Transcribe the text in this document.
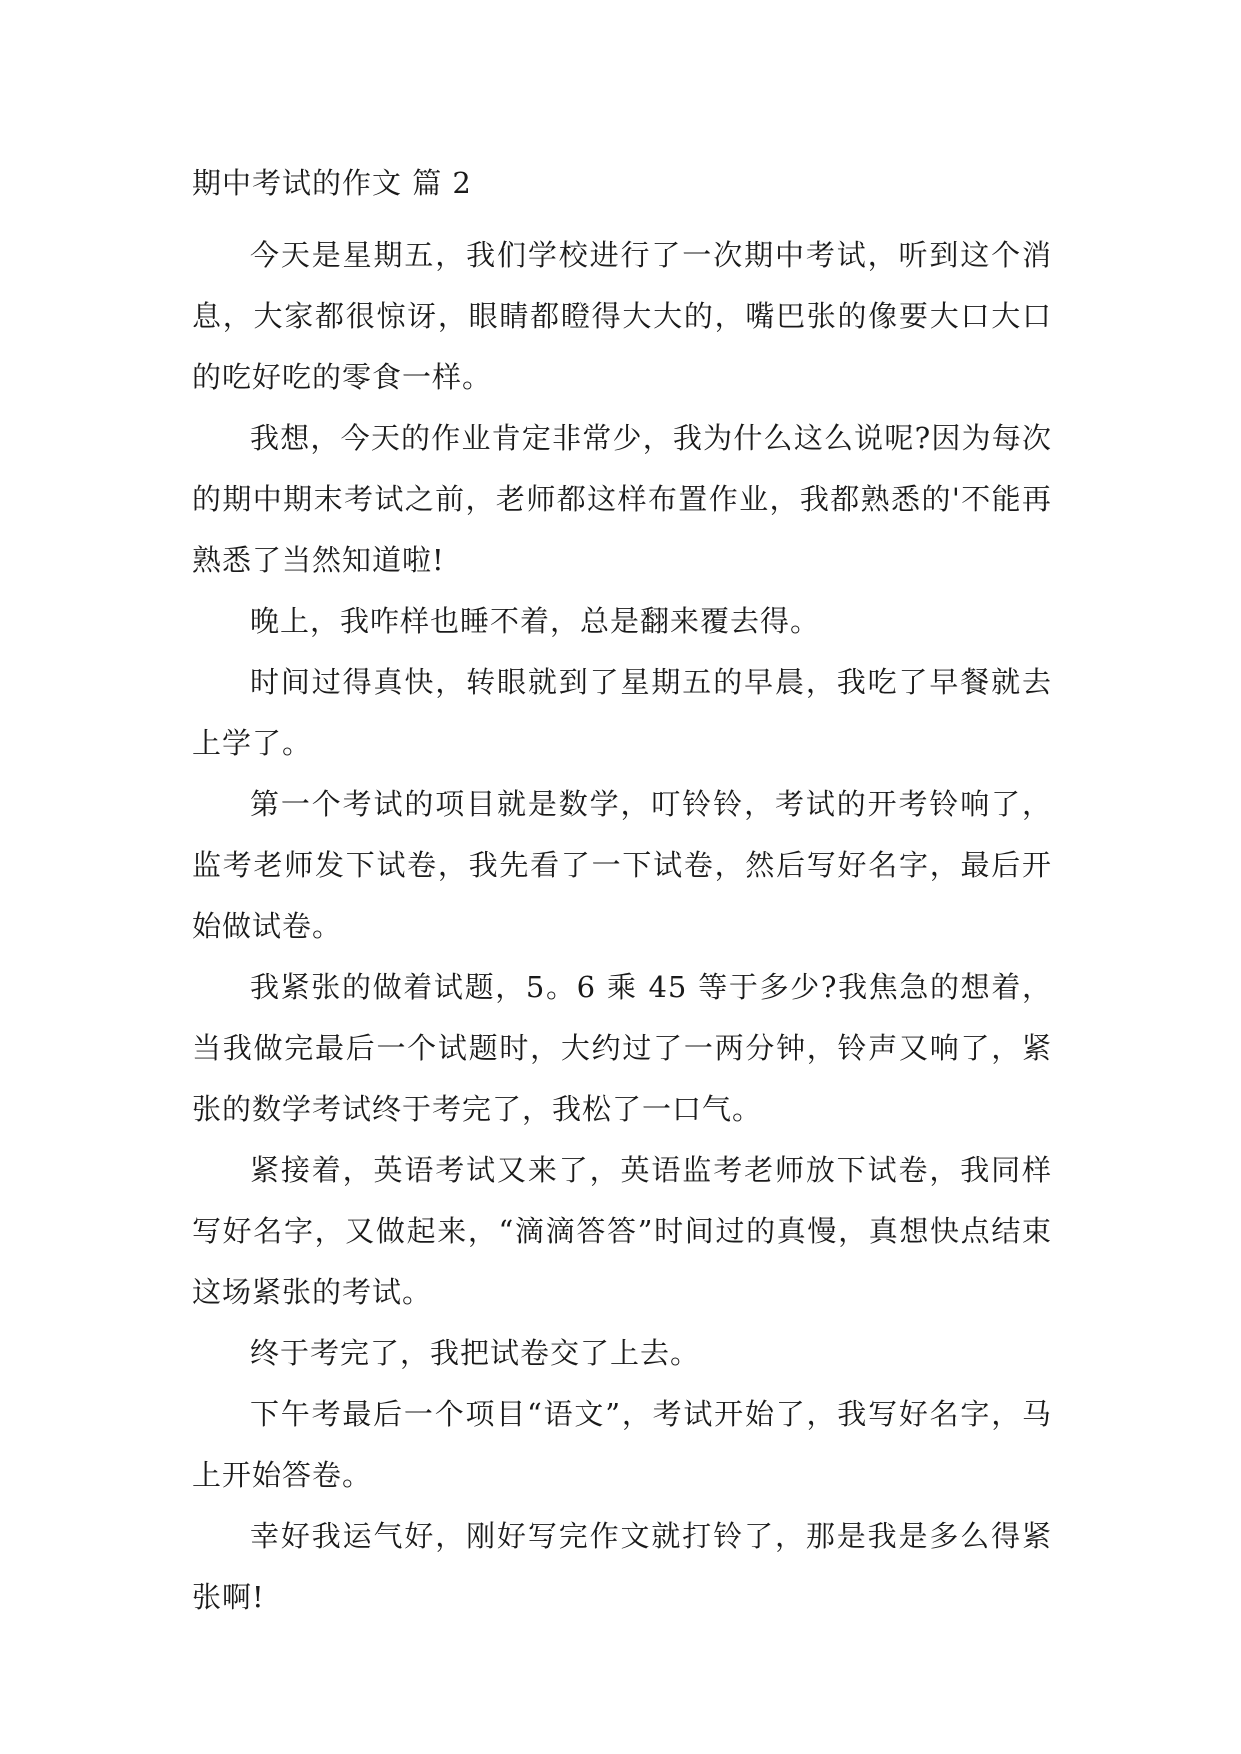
期中考试的作文 篇 2

今天是星期五，我们学校进行了一次期中考试，听到这个消息，大家都很惊讶，眼睛都瞪得大大的，嘴巴张的像要大口大口的吃好吃的零食一样。

我想，今天的作业肯定非常少，我为什么这么说呢?因为每次的期中期末考试之前，老师都这样布置作业，我都熟悉的'不能再熟悉了当然知道啦!

晚上，我咋样也睡不着，总是翻来覆去得。

时间过得真快，转眼就到了星期五的早晨，我吃了早餐就去上学了。

第一个考试的项目就是数学，叮铃铃，考试的开考铃响了，监考老师发下试卷，我先看了一下试卷，然后写好名字，最后开始做试卷。

我紧张的做着试题，5。6 乘 45 等于多少?我焦急的想着，当我做完最后一个试题时，大约过了一两分钟，铃声又响了，紧张的数学考试终于考完了，我松了一口气。

紧接着，英语考试又来了，英语监考老师放下试卷，我同样写好名字，又做起来，“滴滴答答”时间过的真慢，真想快点结束这场紧张的考试。

终于考完了，我把试卷交了上去。

下午考最后一个项目“语文”，考试开始了，我写好名字，马上开始答卷。

幸好我运气好，刚好写完作文就打铃了，那是我是多么得紧张啊!
